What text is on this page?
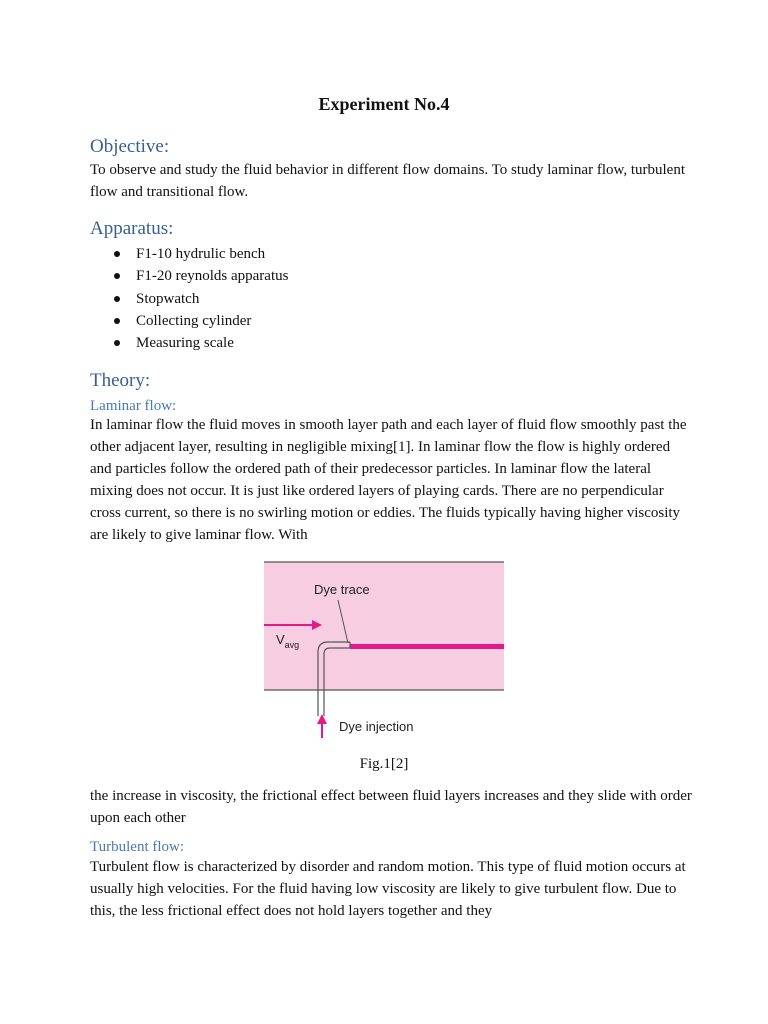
Experiment No.4
Objective:
To observe and study the fluid behavior in different flow domains. To study laminar flow, turbulent flow and transitional flow.
Apparatus:
F1-10 hydrulic bench
F1-20 reynolds apparatus
Stopwatch
Collecting cylinder
Measuring scale
Theory:
Laminar flow:
In laminar flow the fluid moves in smooth layer path and each layer of fluid flow smoothly past the other adjacent layer, resulting in negligible mixing[1]. In laminar flow the flow is highly ordered and particles follow the ordered path of their predecessor particles. In laminar flow the lateral mixing does not occur. It is just like ordered layers of playing cards. There are no perpendicular cross current, so there is no swirling motion or eddies. The fluids typically having higher viscosity are likely to give laminar flow. With
$V_{avg}$
Dye trace
Dye injection
Fig.1[2]
the increase in viscosity, the frictional effect between fluid layers increases and they slide with order upon each other
Turbulent flow:
Turbulent flow is characterized by disorder and random motion. This type of fluid motion occurs at usually high velocities. For the fluid having low viscosity are likely to give turbulent flow. Due to this, the less frictional effect does not hold layers together and they
